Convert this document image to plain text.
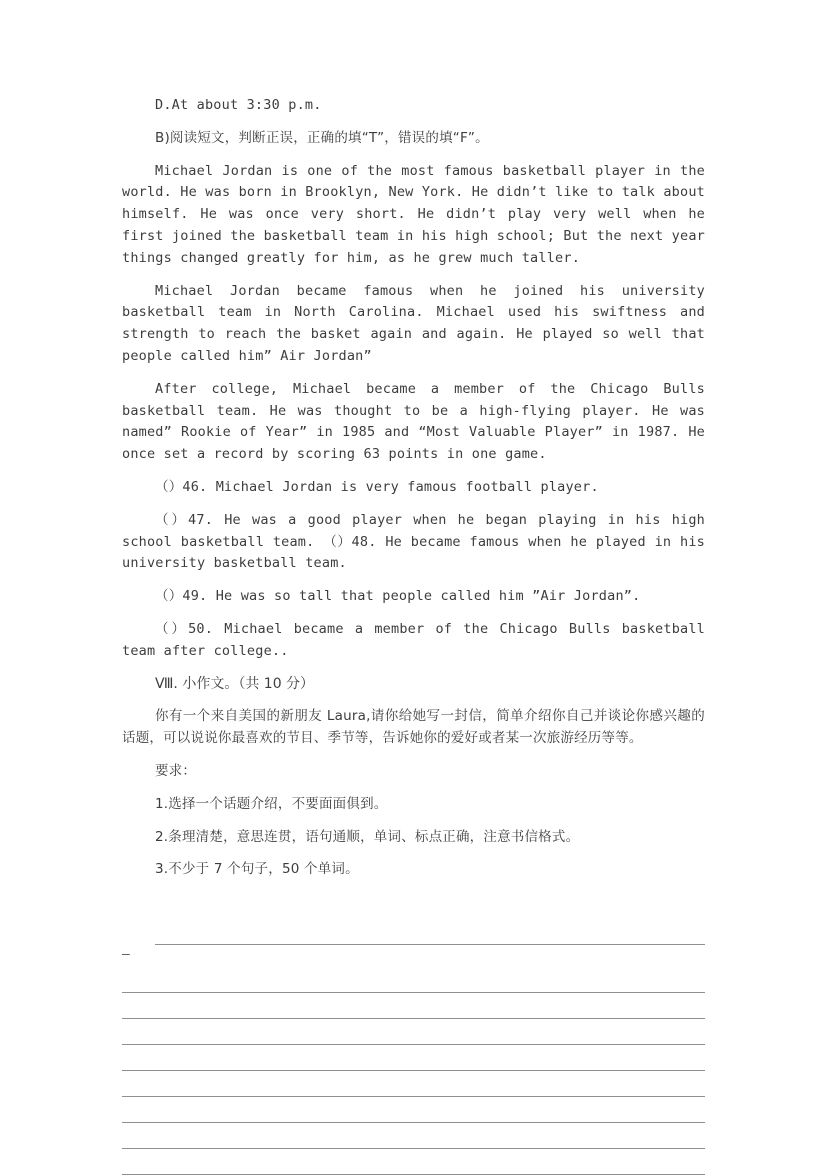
D.At about 3:30 p.m.

B)阅读短文，判断正误，正确的填“T”，错误的填“F”。

Michael Jordan is one of the most famous basketball player in the world. He was born in Brooklyn, New York. He didn’t like to talk about himself. He was once very short. He didn’t play very well when he first joined the basketball team in his high school; But the next year things changed greatly for him, as he grew much taller.

Michael Jordan became famous when he joined his university basketball team in North Carolina. Michael used his swiftness and strength to reach the basket again and again. He played so well that people called him” Air Jordan”

After college, Michael became a member of the Chicago Bulls basketball team. He was thought to be a high-flying player. He was named” Rookie of Year” in 1985 and “Most Valuable Player” in 1987. He once set a record by scoring 63 points in one game.

（）46. Michael Jordan is very famous football player.

（）47. He was a good player when he began playing in his high school basketball team. （）48. He became famous when he played in his university basketball team.

（）49. He was so tall that people called him ”Air Jordan”.

（）50. Michael became a member of the Chicago Bulls basketball team after college..

Ⅷ. 小作文。（共 10 分）

你有一个来自美国的新朋友 Laura,请你给她写一封信，简单介绍你自己并谈论你感兴趣的话题，可以说说你最喜欢的节目、季节等，告诉她你的爱好或者某一次旅游经历等等。

要求：

1.选择一个话题介绍，不要面面俱到。

2.条理清楚，意思连贯，语句通顺，单词、标点正确，注意书信格式。

3.不少于 7 个句子，50 个单词。

—
